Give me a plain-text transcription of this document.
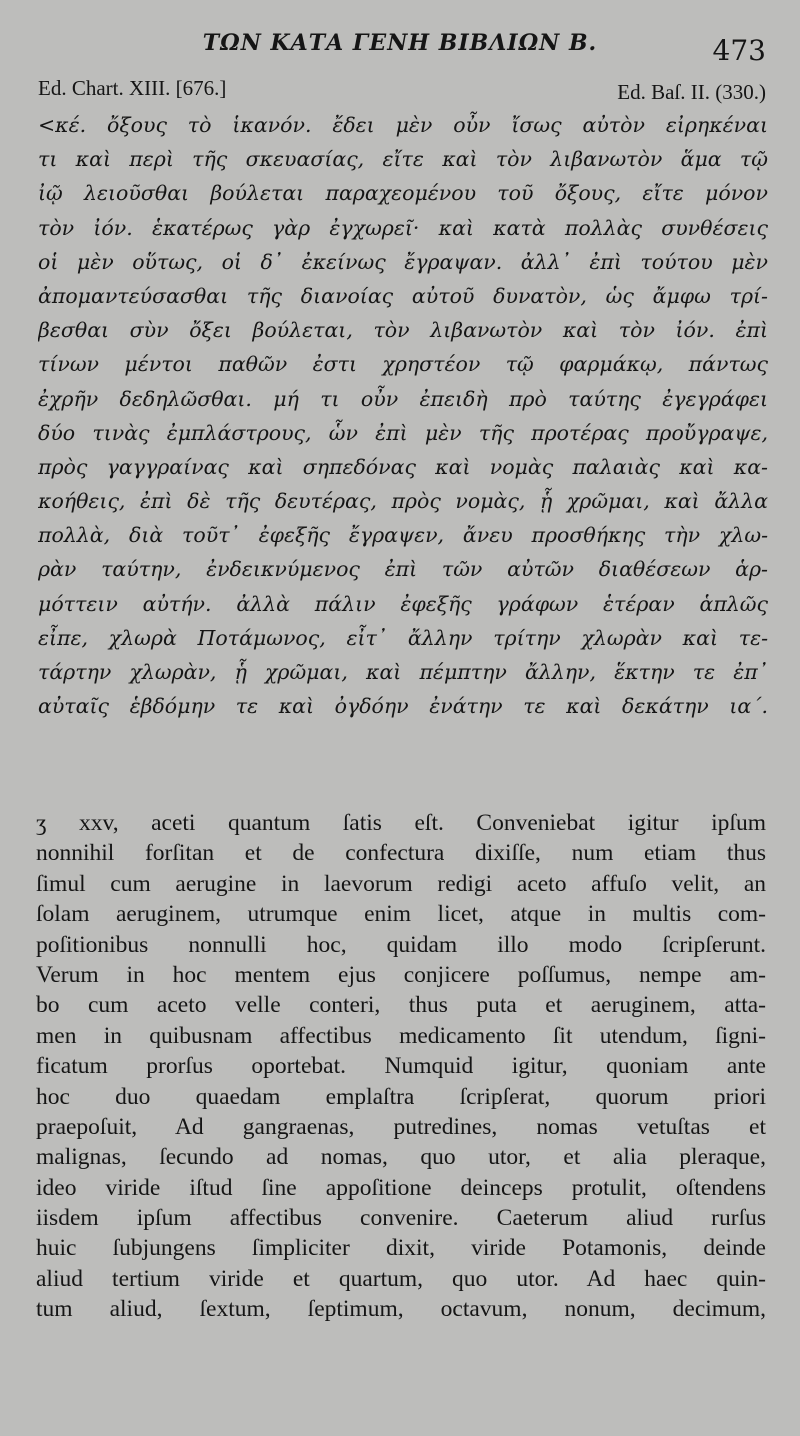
ΤΩΝ ΚΑΤΑ ΓΕΝΗ ΒΙΒΛΙΩΝ Β.	473
Ed. Chart. XIII. [676.]	Ed. Baſ. II. (330.)
<κέ. ὄξους τὸ ἱκανόν. ἔδει μὲν οὖν ἴσως αὐτὸν εἰρηκέναι
τι καὶ περὶ τῆς σκευασίας, εἴτε καὶ τὸν λιβανωτὸν ἅμα τῷ
ἰῷ λειοῦσθαι βούλεται παραχεομένου τοῦ ὄξους, εἴτε μόνον
τὸν ἰόν. ἑκατέρως γὰρ ἐγχωρεῖ· καὶ κατὰ πολλὰς συνθέσεις
οἱ μὲν οὕτως, οἱ δ᾽ ἐκείνως ἔγραψαν. ἀλλ᾽ ἐπὶ τούτου μὲν
ἀπομαντεύσασθαι τῆς διανοίας αὐτοῦ δυνατὸν, ὡς ἄμφω τρί-
βεσθαι σὺν ὄξει βούλεται, τὸν λιβανωτὸν καὶ τὸν ἰόν. ἐπὶ
τίνων μέντοι παθῶν ἐστι χρηστέον τῷ φαρμάκῳ, πάντως
ἐχρῆν δεδηλῶσθαι. μή τι οὖν ἐπειδὴ πρὸ ταύτης ἐγεγράφει
δύο τινὰς ἐμπλάστρους, ὧν ἐπὶ μὲν τῆς προτέρας προὔγραψε,
πρὸς γαγγραίνας καὶ σηπεδόνας καὶ νομὰς παλαιὰς καὶ κα-
κοήθεις, ἐπὶ δὲ τῆς δευτέρας, πρὸς νομὰς, ᾗ χρῶμαι, καὶ ἄλλα
πολλὰ, διὰ τοῦτ᾽ ἐφεξῆς ἔγραψεν, ἄνευ προσθήκης τὴν χλω-
ρὰν ταύτην, ἐνδεικνύμενος ἐπὶ τῶν αὐτῶν διαθέσεων ἁρ-
μόττειν αὐτήν. ἀλλὰ πάλιν ἐφεξῆς γράφων ἑτέραν ἁπλῶς
εἶπε, χλωρὰ Ποτάμωνος, εἶτ᾽ ἄλλην τρίτην χλωρὰν καὶ τε-
τάρτην χλωρὰν, ᾗ χρῶμαι, καὶ πέμπτην ἄλλην, ἕκτην τε ἐπ᾽
αὐταῖς ἑβδόμην τε καὶ ὀγδόην ἐνάτην τε καὶ δεκάτην ια´.
ʒ xxv, aceti quantum ſatis eſt. Conveniebat igitur ipſum
nonnihil forſitan et de confectura dixiſſe, num etiam thus
ſimul cum aerugine in laevorum redigi aceto affuſo velit, an
ſolam aeruginem, utrumque enim licet, atque in multis com-
poſitionibus nonnulli hoc, quidam illo modo ſcripſerunt.
Verum in hoc mentem ejus conjicere poſſumus, nempe am-
bo cum aceto velle conteri, thus puta et aeruginem, atta-
men in quibusnam affectibus medicamento ſit utendum, ſigni-
ficatum prorſus oportebat. Numquid igitur, quoniam ante
hoc duo quaedam emplaſtra ſcripſerat, quorum priori
praepoſuit, Ad gangraenas, putredines, nomas vetuſtas et
malignas, ſecundo ad nomas, quo utor, et alia pleraque,
ideo viride iſtud ſine appoſitione deinceps protulit, oſtendens
iisdem ipſum affectibus convenire. Caeterum aliud rurſus
huic ſubjungens ſimpliciter dixit, viride Potamonis, deinde
aliud tertium viride et quartum, quo utor. Ad haec quin-
tum aliud, ſextum, ſeptimum, octavum, nonum, decimum,
